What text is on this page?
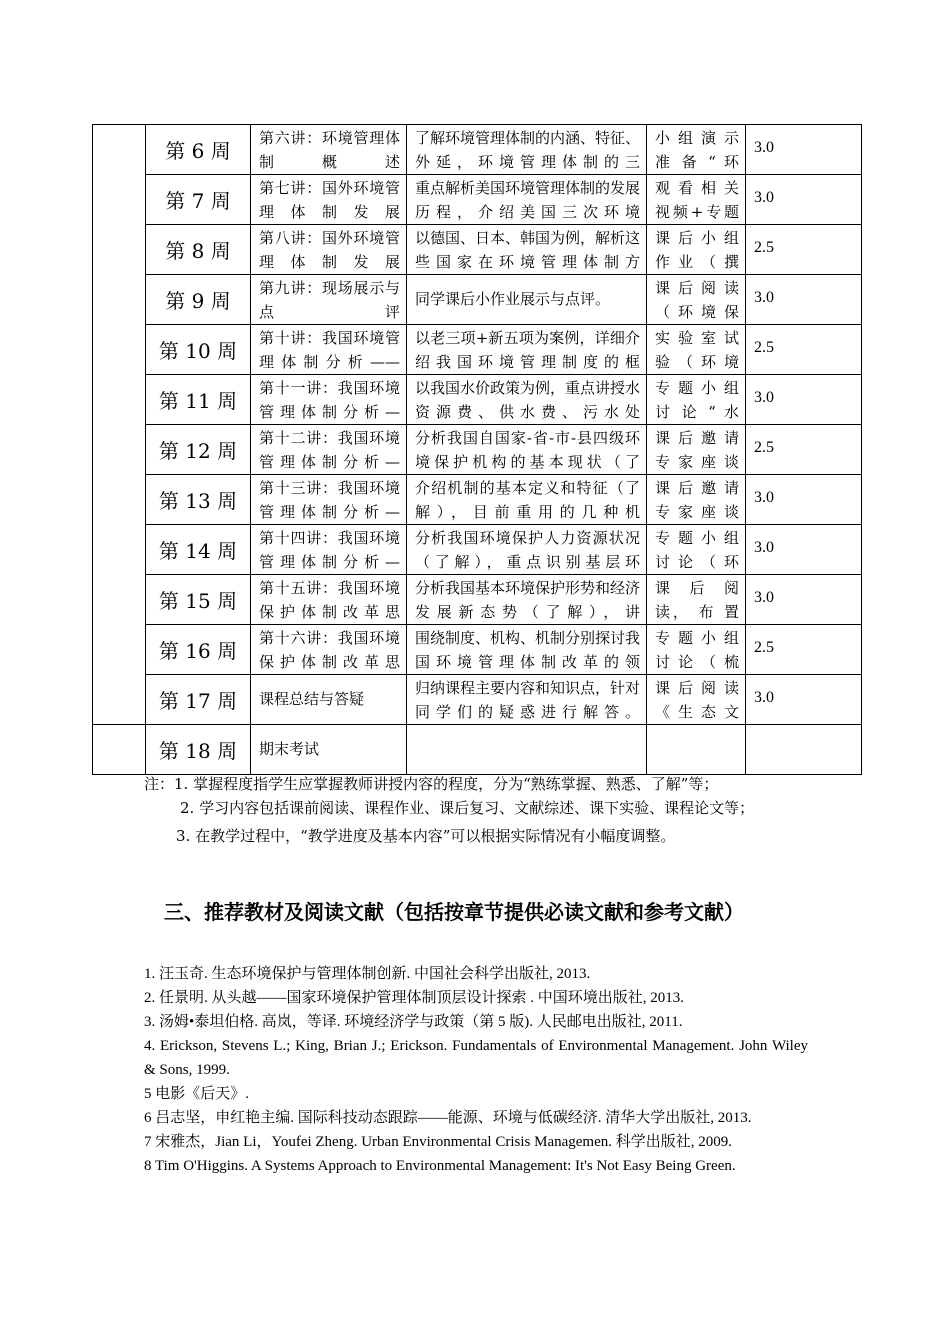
	第 6 周	第六讲：环境管理体制概述	了解环境管理体制的内涵、特征、外延，环境管理体制的三	小 组 演 示 准 备 “ 环	3.0

	第 7 周	第七讲：国外环境管 理 体 制 发 展	重点解析美国环境管理体制的发展历程，介绍美国三次环境	观 看 相 关 视频+专题	3.0

	第 8 周	第八讲：国外环境管 理 体 制 发 展	以德国、日本、韩国为例，解析这些国家在环境管理体制方	课 后 小 组 作 业 （ 撰	2.5

	第 9 周	第九讲：现场展示与点评	同学课后小作业展示与点评。	课 后 阅 读 （ 环 境 保	3.0

	第 10 周	第十讲：我国环境管理体制分析——	以老三项+新五项为案例，详细介绍我国环境管理制度的框	实 验 室 试 验 （ 环 境	2.5

	第 11 周	第十一讲：我国环境管理体制分析—	以我国水价政策为例，重点讲授水资源费、供水费、污水处	专 题 小 组 讨 论 “ 水	3.0

	第 12 周	第十二讲：我国环境管理体制分析—	分析我国自国家-省-市-县四级环境保护机构的基本现状（了	课 后 邀 请 专家座谈	2.5

	第 13 周	第十三讲：我国环境管理体制分析—	介绍机制的基本定义和特征（了解），目前重用的几种机	课 后 邀 请 专家座谈	3.0

	第 14 周	第十四讲：我国环境管理体制分析—	分析我国环境保护人力资源状况（了解），重点识别基层环	专 题 小 组 讨 论 （ 环	3.0

	第 15 周	第十五讲：我国环境保护体制改革思	分析我国基本环境保护形势和经济发展新态势（了解），讲	课 后 阅 读， 布 置	3.0

	第 16 周	第十六讲：我国环境保护体制改革思	围绕制度、机构、机制分别探讨我国环境管理体制改革的领	专 题 小 组 讨 论 （ 梳	2.5

	第 17 周	课程总结与答疑	归纳课程主要内容和知识点，针对同学们的疑惑进行解答。	课 后 阅 读 《 生 态 文	3.0

	第 18 周	期末考试			

注：1. 掌握程度指学生应掌握教师讲授内容的程度，分为“熟练掌握、熟悉、了解”等；

2. 学习内容包括课前阅读、课程作业、课后复习、文献综述、课下实验、课程论文等；

3. 在教学过程中，“教学进度及基本内容”可以根据实际情况有小幅度调整。

三、推荐教材及阅读文献（包括按章节提供必读文献和参考文献）

1. 汪玉奇. 生态环境保护与管理体制创新. 中国社会科学出版社, 2013.

2. 任景明. 从头越——国家环境保护管理体制顶层设计探索 . 中国环境出版社, 2013.

3. 汤姆•泰坦伯格. 高岚，等译. 环境经济学与政策（第 5 版). 人民邮电出版社, 2011.

4. Erickson, Stevens L.; King, Brian J.; Erickson. Fundamentals of Environmental Management. John Wiley & Sons, 1999.

5 电影《后天》.

6 吕志坚，申红艳主编. 国际科技动态跟踪——能源、环境与低碳经济. 清华大学出版社, 2013.

7 宋雅杰，Jian Li，Youfei Zheng. Urban Environmental Crisis Managemen. 科学出版社, 2009.

8 Tim O'Higgins. A Systems Approach to Environmental Management: It's Not Easy Being Green.
